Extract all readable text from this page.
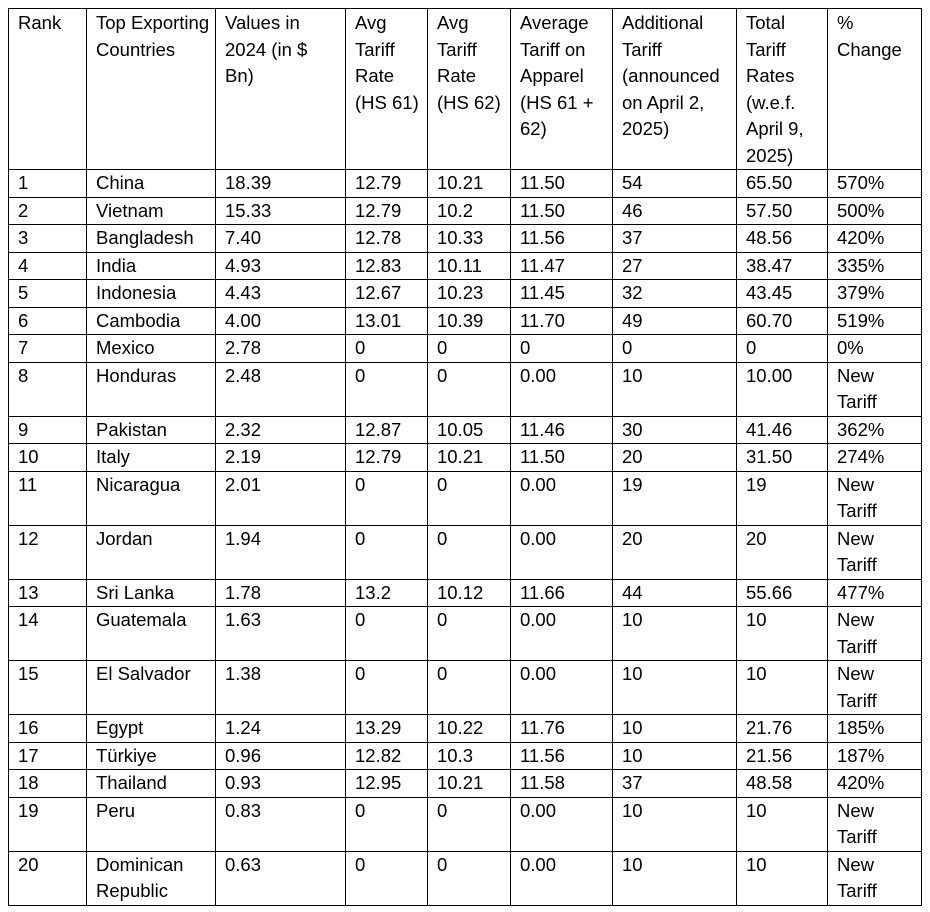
Rank	Top Exporting Countries	Values in 2024 (in $ Bn)	Avg Tariff Rate (HS 61)	Avg Tariff Rate (HS 62)	Average Tariff on Apparel (HS 61 + 62)	Additional Tariff (announced on April 2, 2025)	Total Tariff Rates (w.e.f. April 9, 2025)	% Change
1	China	18.39	12.79	10.21	11.50	54	65.50	570%
2	Vietnam	15.33	12.79	10.2	11.50	46	57.50	500%
3	Bangladesh	7.40	12.78	10.33	11.56	37	48.56	420%
4	India	4.93	12.83	10.11	11.47	27	38.47	335%
5	Indonesia	4.43	12.67	10.23	11.45	32	43.45	379%
6	Cambodia	4.00	13.01	10.39	11.70	49	60.70	519%
7	Mexico	2.78	0	0	0	0	0	0%
8	Honduras	2.48	0	0	0.00	10	10.00	New Tariff
9	Pakistan	2.32	12.87	10.05	11.46	30	41.46	362%
10	Italy	2.19	12.79	10.21	11.50	20	31.50	274%
11	Nicaragua	2.01	0	0	0.00	19	19	New Tariff
12	Jordan	1.94	0	0	0.00	20	20	New Tariff
13	Sri Lanka	1.78	13.2	10.12	11.66	44	55.66	477%
14	Guatemala	1.63	0	0	0.00	10	10	New Tariff
15	El Salvador	1.38	0	0	0.00	10	10	New Tariff
16	Egypt	1.24	13.29	10.22	11.76	10	21.76	185%
17	Türkiye	0.96	12.82	10.3	11.56	10	21.56	187%
18	Thailand	0.93	12.95	10.21	11.58	37	48.58	420%
19	Peru	0.83	0	0	0.00	10	10	New Tariff
20	Dominican Republic	0.63	0	0	0.00	10	10	New Tariff
